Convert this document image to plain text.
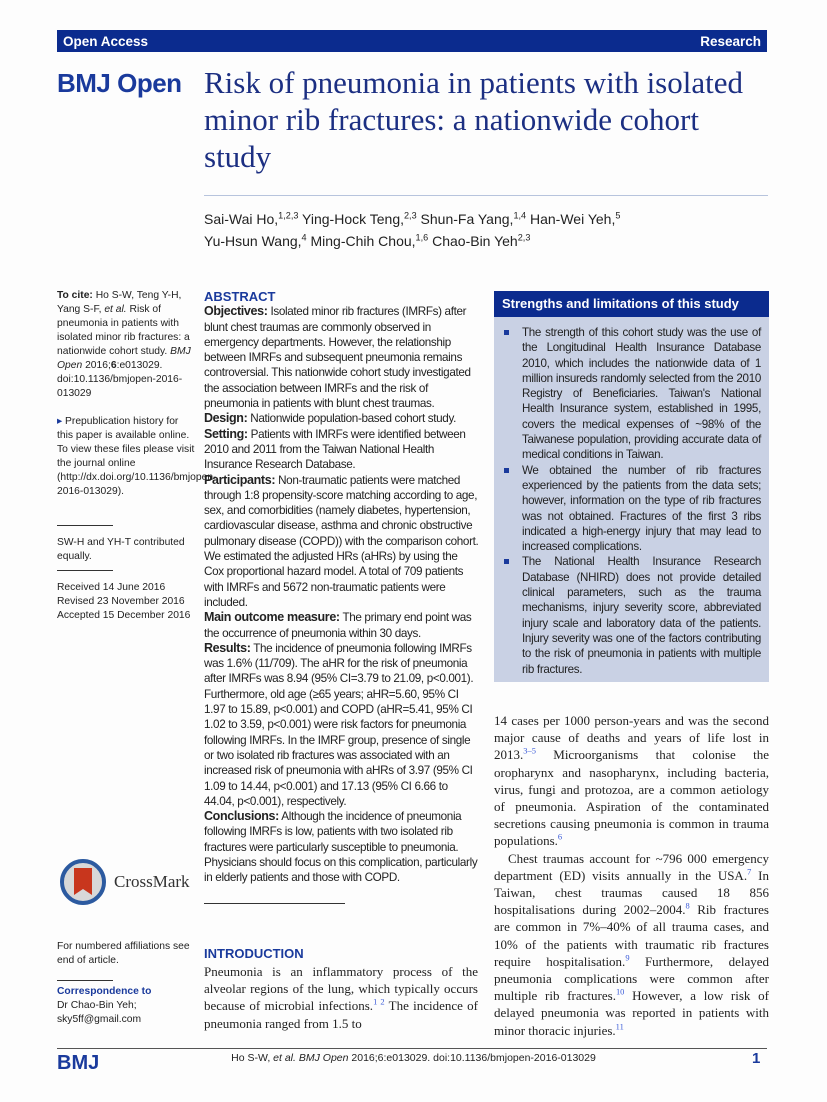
Open Access	Research
BMJ Open Risk of pneumonia in patients with isolated minor rib fractures: a nationwide cohort study
Sai-Wai Ho,$^{1,2,3}$ Ying-Hock Teng,$^{2,3}$ Shun-Fa Yang,$^{1,4}$ Han-Wei Yeh,$^5$
Yu-Hsun Wang,$^4$ Ming-Chih Chou,$^{1,6}$ Chao-Bin Yeh$^{2,3}$

To cite: Ho S-W, Teng Y-H, Yang S-F, et al. Risk of pneumonia in patients with isolated minor rib fractures: a nationwide cohort study. BMJ Open 2016;6:e013029. doi:10.1136/bmjopen-2016-013029

▸ Prepublication history for this paper is available online. To view these files please visit the journal online (http://dx.doi.org/10.1136/bmjopen-2016-013029).

SW-H and YH-T contributed equally.

Received 14 June 2016
Revised 23 November 2016
Accepted 15 December 2016
CrossMark
For numbered affiliations see end of article.
Correspondence to
Dr Chao-Bin Yeh;
sky5ff@gmail.com
ABSTRACT

Objectives: Isolated minor rib fractures (IMRFs) after blunt chest traumas are commonly observed in emergency departments. However, the relationship between IMRFs and subsequent pneumonia remains controversial. This nationwide cohort study investigated the association between IMRFs and the risk of pneumonia in patients with blunt chest traumas.

Design: Nationwide population-based cohort study.

Setting: Patients with IMRFs were identified between 2010 and 2011 from the Taiwan National Health Insurance Research Database.

Participants: Non-traumatic patients were matched through 1:8 propensity-score matching according to age, sex, and comorbidities (namely diabetes, hypertension, cardiovascular disease, asthma and chronic obstructive pulmonary disease (COPD)) with the comparison cohort. We estimated the adjusted HRs (aHRs) by using the Cox proportional hazard model. A total of 709 patients with IMRFs and 5672 non-traumatic patients were included.

Main outcome measure: The primary end point was the occurrence of pneumonia within 30 days.

Results: The incidence of pneumonia following IMRFs was 1.6% (11/709). The aHR for the risk of pneumonia after IMRFs was 8.94 (95% CI=3.79 to 21.09, p<0.001). Furthermore, old age (≥65 years; aHR=5.60, 95% CI 1.97 to 15.89, p<0.001) and COPD (aHR=5.41, 95% CI 1.02 to 3.59, p<0.001) were risk factors for pneumonia following IMRFs. In the IMRF group, presence of single or two isolated rib fractures was associated with an increased risk of pneumonia with aHRs of 3.97 (95% CI 1.09 to 14.44, p<0.001) and 17.13 (95% CI 6.66 to 44.04, p<0.001), respectively.

Conclusions: Although the incidence of pneumonia following IMRFs is low, patients with two isolated rib fractures were particularly susceptible to pneumonia. Physicians should focus on this complication, particularly in elderly patients and those with COPD.

INTRODUCTION

Pneumonia is an inflammatory process of the alveolar regions of the lung, which typically occurs because of microbial infections.$^{1 2}$ The incidence of pneumonia ranged from 1.5 to

Strengths and limitations of this study

The strength of this cohort study was the use of the Longitudinal Health Insurance Database 2010, which includes the nationwide data of 1 million insureds randomly selected from the 2010 Registry of Beneficiaries. Taiwan's National Health Insurance system, established in 1995, covers the medical expenses of ~98% of the Taiwanese population, providing accurate data of medical conditions in Taiwan.

We obtained the number of rib fractures experienced by the patients from the data sets; however, information on the type of rib fractures was not obtained. Fractures of the first 3 ribs indicated a high-energy injury that may lead to increased complications.

The National Health Insurance Research Database (NHIRD) does not provide detailed clinical parameters, such as the trauma mechanisms, injury severity score, abbreviated injury scale and laboratory data of the patients. Injury severity was one of the factors contributing to the risk of pneumonia in patients with multiple rib fractures.

14 cases per 1000 person-years and was the second major cause of deaths and years of life lost in 2013.$^{3-5}$ Microorganisms that colonise the oropharynx and nasopharynx, including bacteria, virus, fungi and protozoa, are a common aetiology of pneumonia. Aspiration of the contaminated secretions causing pneumonia is common in trauma populations.$^6$

Chest traumas account for ~796 000 emergency department (ED) visits annually in the USA.$^7$ In Taiwan, chest traumas caused 18 856 hospitalisations during 2002–2004.$^8$ Rib fractures are common in 7%–40% of all trauma cases, and 10% of the patients with traumatic rib fractures require hospitalisation.$^9$ Furthermore, delayed pneumonia complications were common after multiple rib fractures.$^{10}$ However, a low risk of delayed pneumonia was reported in patients with minor thoracic injuries.$^{11}$

BMJ	Ho S-W, et al. BMJ Open 2016;6:e013029. doi:10.1136/bmjopen-2016-013029	1
